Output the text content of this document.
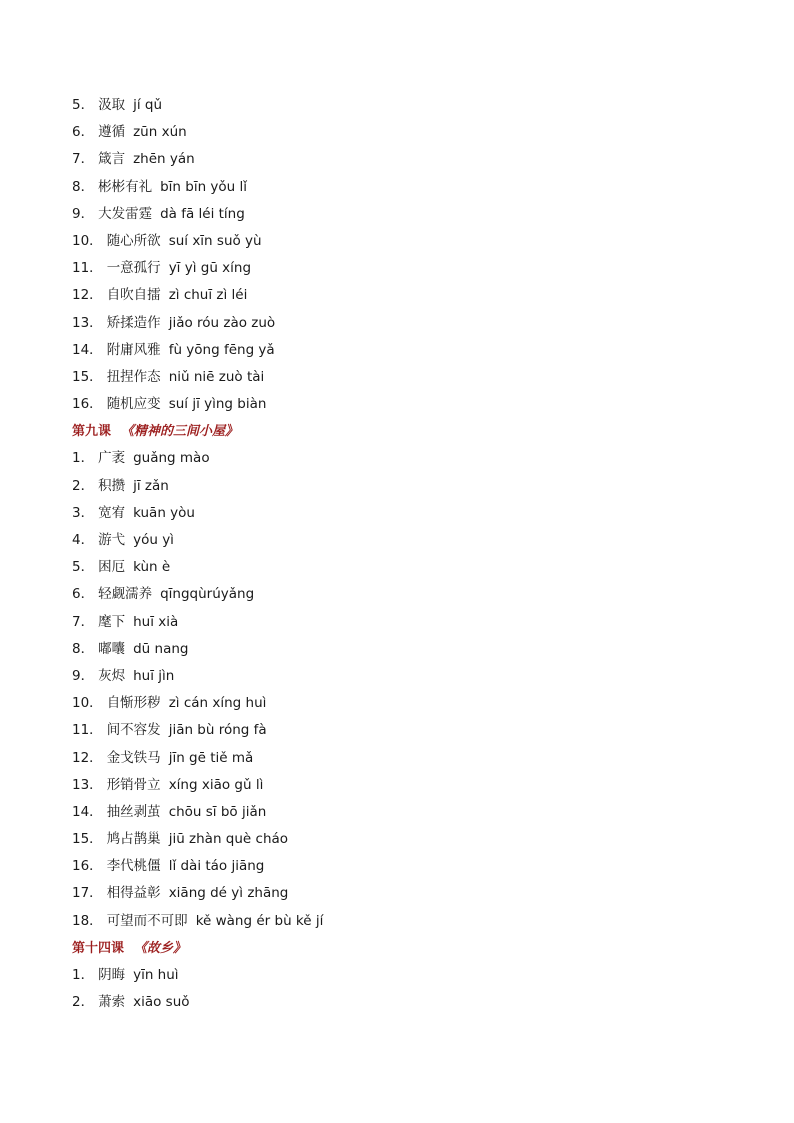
5． 汲取 jí qǔ
6． 遵循 zūn xún
7． 箴言 zhēn yán
8． 彬彬有礼 bīn bīn yǒu lǐ
9． 大发雷霆 dà fā léi tíng
10． 随心所欲 suí xīn suǒ yù
11． 一意孤行 yī yì gū xíng
12． 自吹自擂 zì chuī zì léi
13． 矫揉造作 jiǎo róu zào zuò
14． 附庸风雅 fù yōng fēng yǎ
15． 扭捏作态 niǔ niē zuò tài
16． 随机应变 suí jī yìng biàn
第九课 《精神的三间小屋》
1． 广袤 guǎng mào
2． 积攒 jī zǎn
3． 宽宥 kuān yòu
4． 游弋 yóu yì
5． 困厄 kùn è
6． 轻觑濡养 qīngqùrúyǎng
7． 麾下 huī xià
8． 嘟囔 dū nang
9． 灰烬 huī jìn
10． 自惭形秽 zì cán xíng huì
11． 间不容发 jiān bù róng fà
12． 金戈铁马 jīn gē tiě mǎ
13． 形销骨立 xíng xiāo gǔ lì
14． 抽丝剥茧 chōu sī bō jiǎn
15． 鸠占鹊巢 jiū zhàn què cháo
16． 李代桃僵 lǐ dài táo jiāng
17． 相得益彰 xiāng dé yì zhāng
18． 可望而不可即 kě wàng ér bù kě jí
第十四课 《故乡》
1． 阴晦 yīn huì
2． 萧索 xiāo suǒ
